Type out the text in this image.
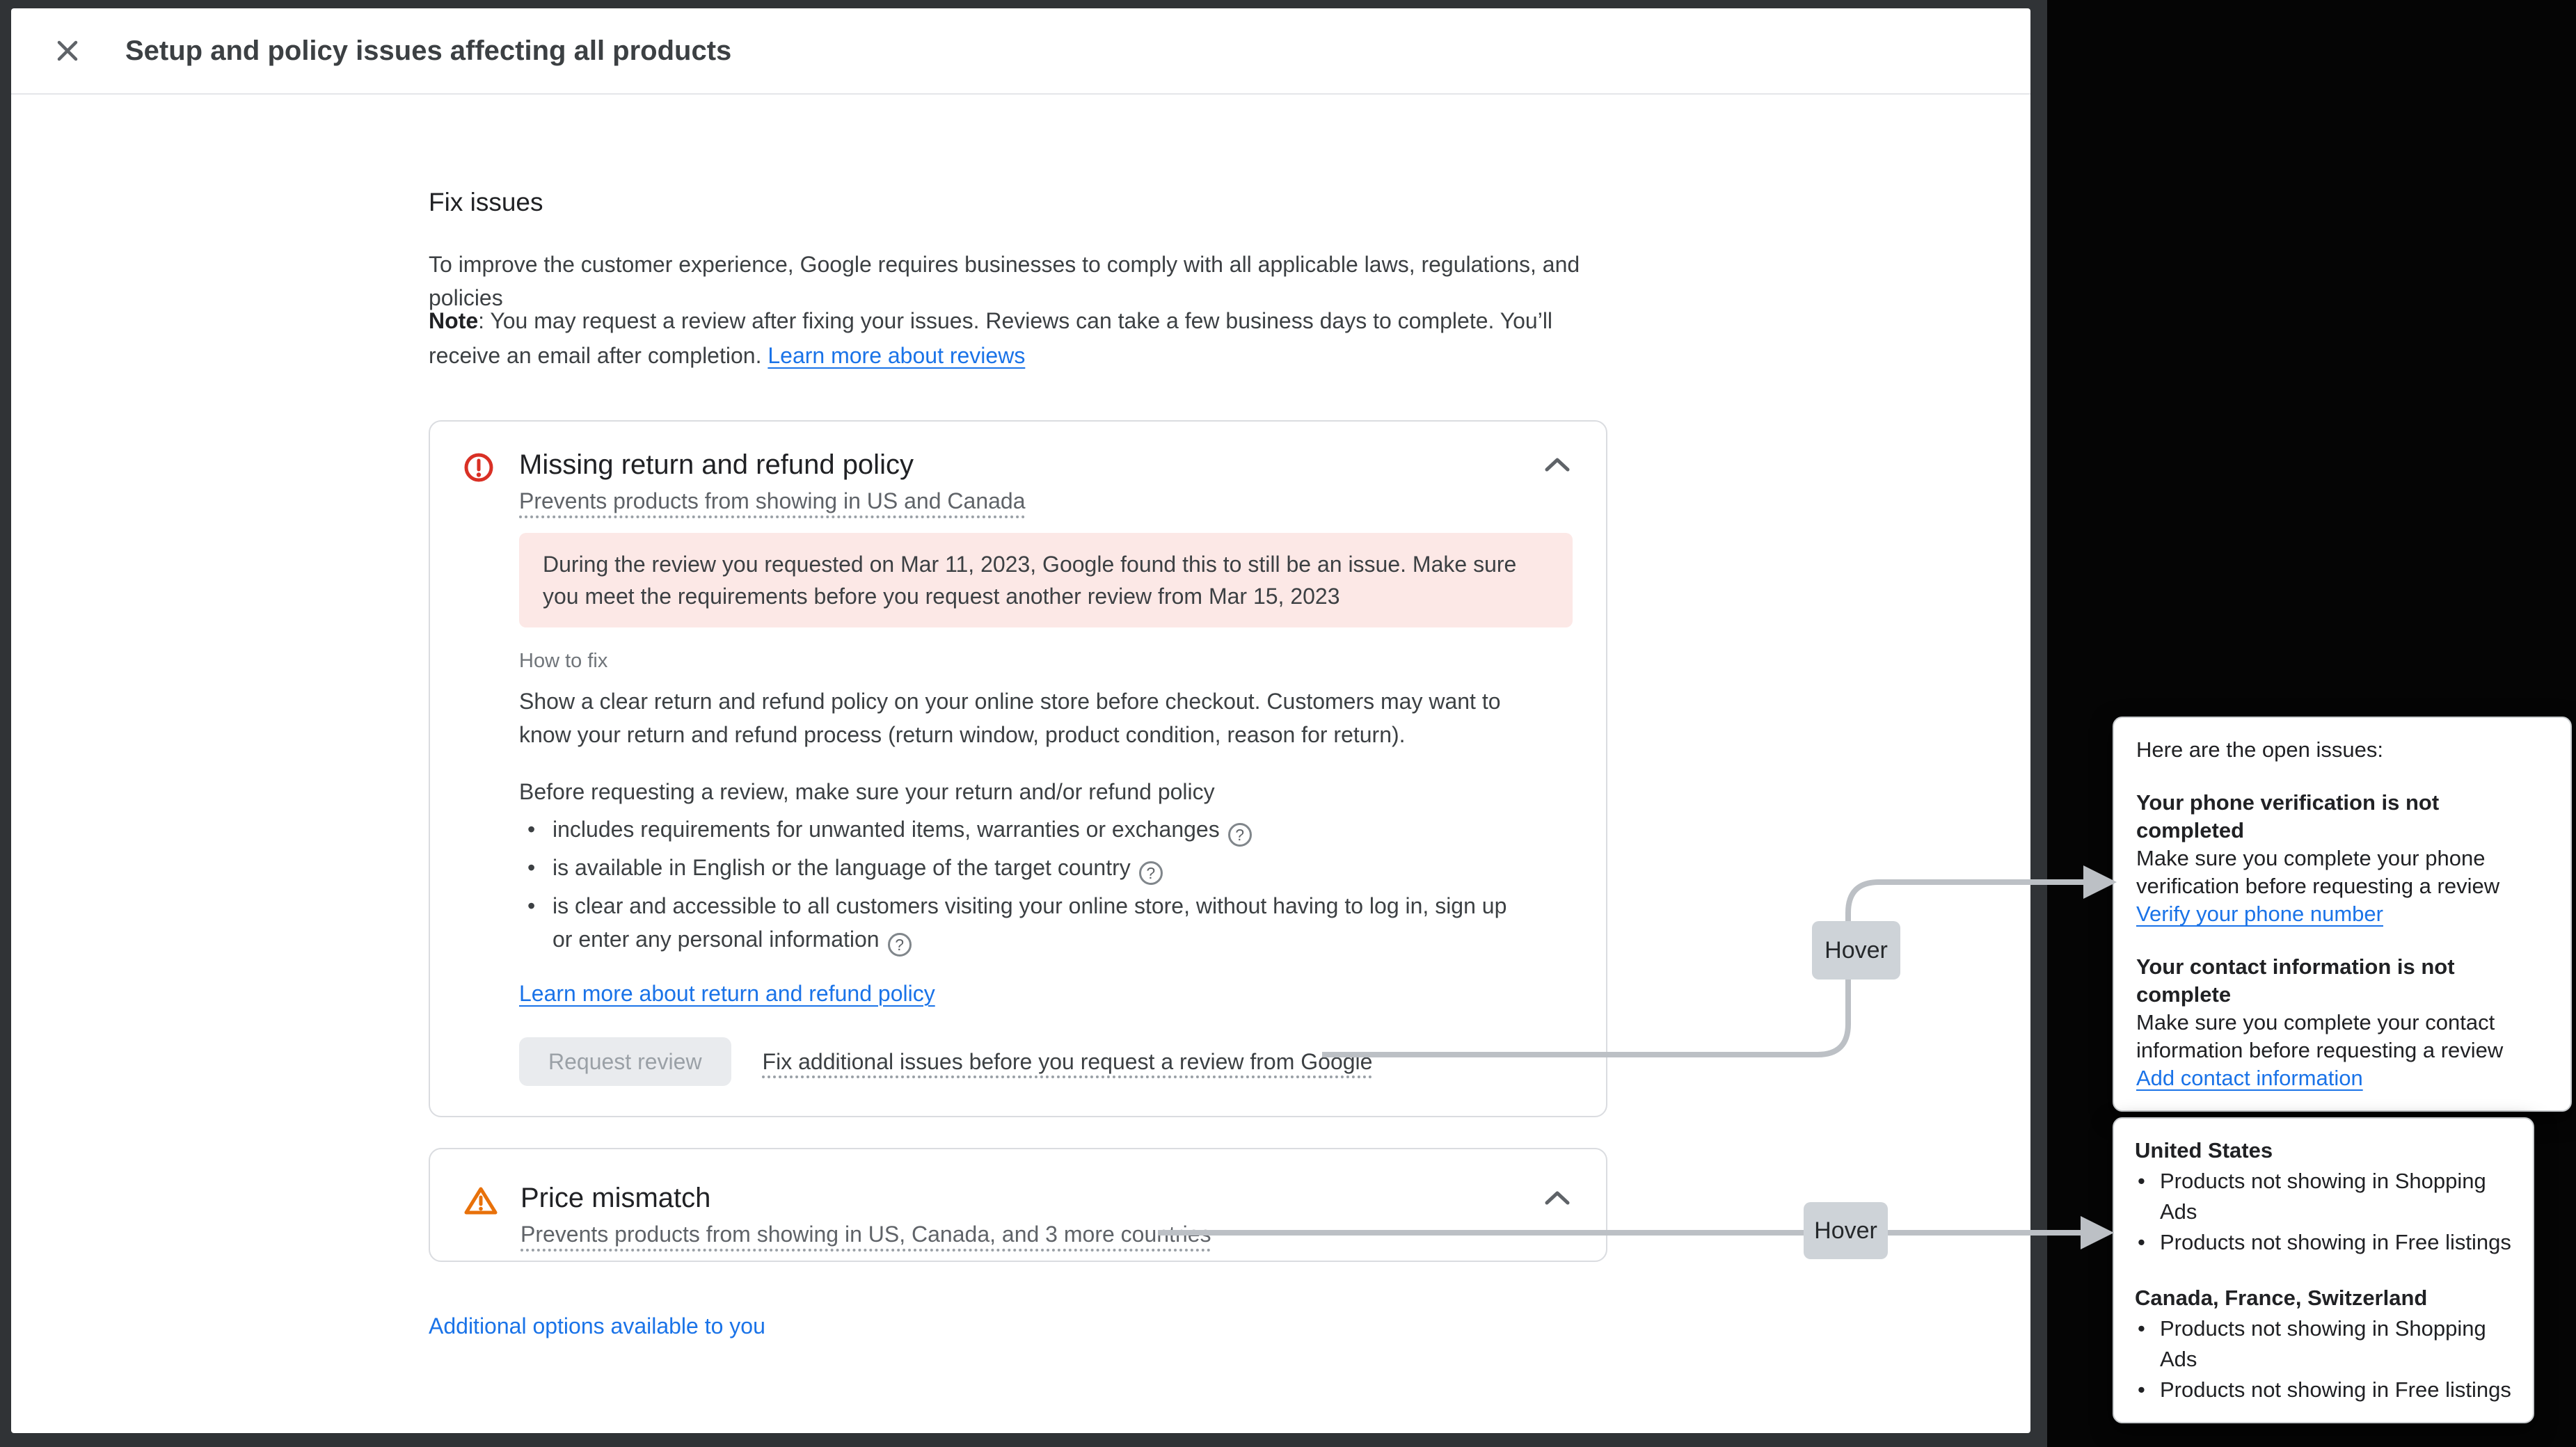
Setup and policy issues affecting all products
Fix issues

To improve the customer experience, Google requires businesses to comply with all applicable laws, regulations, and policies

Note: You may request a review after fixing your issues. Reviews can take a few business days to complete. You’ll receive an email after completion. Learn more about reviews

Missing return and refund policy
Prevents products from showing in US and Canada
During the review you requested on Mar 11, 2023, Google found this to still be an issue. Make sure you meet the requirements before you request another review from Mar 15, 2023
How to fix

Show a clear return and refund policy on your online store before checkout. Customers may want to know your return and refund process (return window, product condition, reason for return).

Before requesting a review, make sure your return and/or refund policy

• includes requirements for unwanted items, warranties or exchanges?
• is available in English or the language of the target country?
• is clear and accessible to all customers visiting your online store, without having to log in, sign up or enter any personal information?
Learn more about return and refund policy
Request review	Fix additional issues before you request a review from Google
Price mismatch
Prevents products from showing in US, Canada, and 3 more countries
Additional options available to you
Hover
Hover
Here are the open issues:
Your phone verification is not completed
Make sure you complete your phone verification before requesting a review
Verify your phone number
Your contact information is not complete
Make sure you complete your contact information before requesting a review
Add contact information
United States
• Products not showing in Shopping Ads
• Products not showing in Free listings
Canada, France, Switzerland
• Products not showing in Shopping Ads
• Products not showing in Free listings
